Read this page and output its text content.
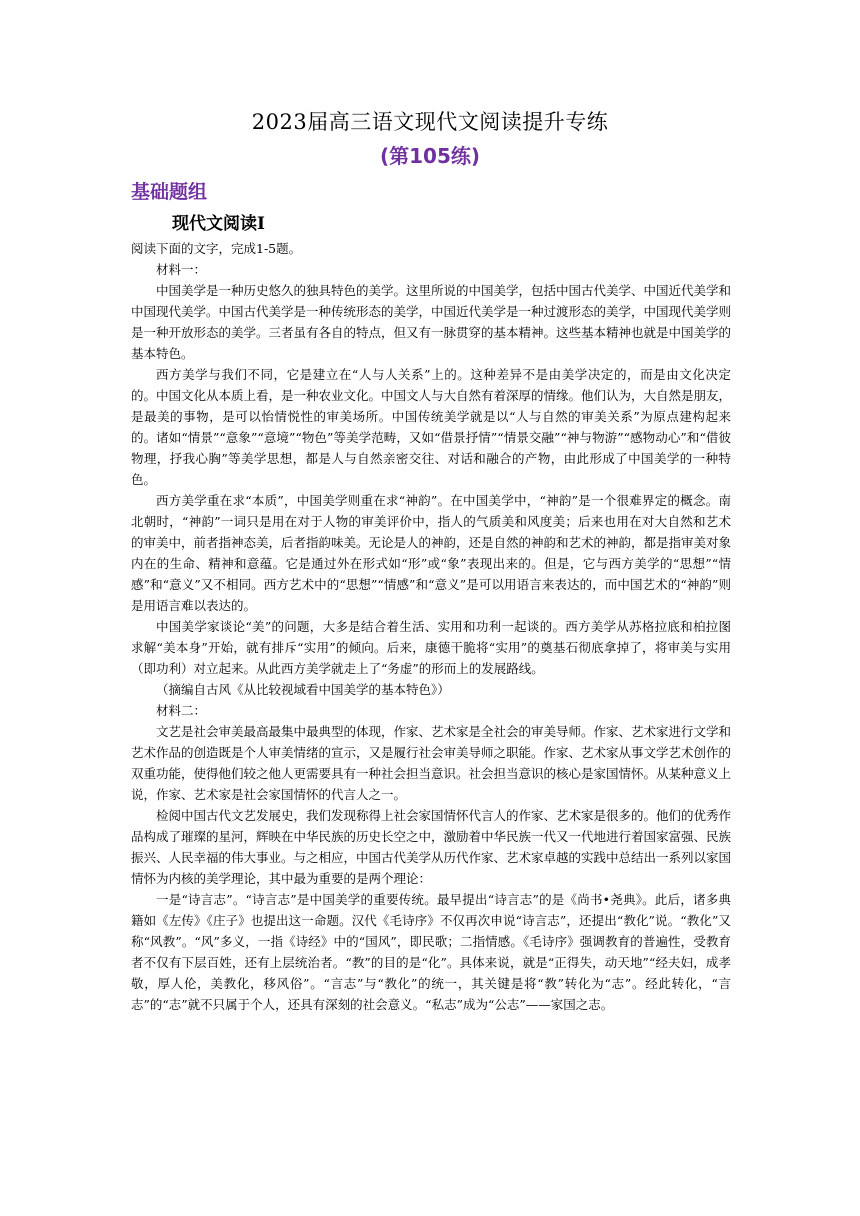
2023届高三语文现代文阅读提升专练
(第105练)
基础题组
现代文阅读Ⅰ

阅读下面的文字，完成1-5题。

材料一：

中国美学是一种历史悠久的独具特色的美学。这里所说的中国美学，包括中国古代美学、中国近代美学和中国现代美学。中国古代美学是一种传统形态的美学，中国近代美学是一种过渡形态的美学，中国现代美学则是一种开放形态的美学。三者虽有各自的特点，但又有一脉贯穿的基本精神。这些基本精神也就是中国美学的基本特色。

西方美学与我们不同，它是建立在“人与人关系”上的。这种差异不是由美学决定的，而是由文化决定的。中国文化从本质上看，是一种农业文化。中国文人与大自然有着深厚的情缘。他们认为，大自然是朋友，是最美的事物，是可以怡情悦性的审美场所。中国传统美学就是以“人与自然的审美关系”为原点建构起来的。诸如“情景”“意象”“意境”“物色”等美学范畴，又如“借景抒情”“情景交融”“神与物游”“感物动心”和“借彼物理，抒我心胸”等美学思想，都是人与自然亲密交往、对话和融合的产物，由此形成了中国美学的一种特色。

西方美学重在求“本质”，中国美学则重在求“神韵”。在中国美学中，“神韵”是一个很难界定的概念。南北朝时，“神韵”一词只是用在对于人物的审美评价中，指人的气质美和风度美；后来也用在对大自然和艺术的审美中，前者指神态美，后者指韵味美。无论是人的神韵，还是自然的神韵和艺术的神韵，都是指审美对象内在的生命、精神和意蕴。它是通过外在形式如“形”或“象”表现出来的。但是，它与西方美学的“思想”“情感”和“意义”又不相同。西方艺术中的“思想”“情感”和“意义”是可以用语言来表达的，而中国艺术的“神韵”则是用语言难以表达的。

中国美学家谈论“美”的问题，大多是结合着生活、实用和功利一起谈的。西方美学从苏格拉底和柏拉图求解“美本身”开始，就有排斥“实用”的倾向。后来，康德干脆将“实用”的奠基石彻底拿掉了，将审美与实用（即功利）对立起来。从此西方美学就走上了“务虚”的形而上的发展路线。

（摘编自古风《从比较视域看中国美学的基本特色》）

材料二：

文艺是社会审美最高最集中最典型的体现，作家、艺术家是全社会的审美导师。作家、艺术家进行文学和艺术作品的创造既是个人审美情绪的宣示，又是履行社会审美导师之职能。作家、艺术家从事文学艺术创作的双重功能，使得他们较之他人更需要具有一种社会担当意识。社会担当意识的核心是家国情怀。从某种意义上说，作家、艺术家是社会家国情怀的代言人之一。

检阅中国古代文艺发展史，我们发现称得上社会家国情怀代言人的作家、艺术家是很多的。他们的优秀作品构成了璀璨的星河，辉映在中华民族的历史长空之中，激励着中华民族一代又一代地进行着国家富强、民族振兴、人民幸福的伟大事业。与之相应，中国古代美学从历代作家、艺术家卓越的实践中总结出一系列以家国情怀为内核的美学理论，其中最为重要的是两个理论：

一是“诗言志”。“诗言志”是中国美学的重要传统。最早提出“诗言志”的是《尚书•尧典》。此后，诸多典籍如《左传》《庄子》也提出这一命题。汉代《毛诗序》不仅再次申说“诗言志”，还提出“教化”说。“教化”又称“风教”。“风”多义，一指《诗经》中的“国风”，即民歌；二指情感。《毛诗序》强调教育的普遍性，受教育者不仅有下层百姓，还有上层统治者。“教”的目的是“化”。具体来说，就是“正得失，动天地”“经夫妇，成孝敬，厚人伦，美教化，移风俗”。“言志”与“教化”的统一，其关键是将“教”转化为“志”。经此转化，“言志”的“志”就不只属于个人，还具有深刻的社会意义。“私志”成为“公志”——家国之志。
